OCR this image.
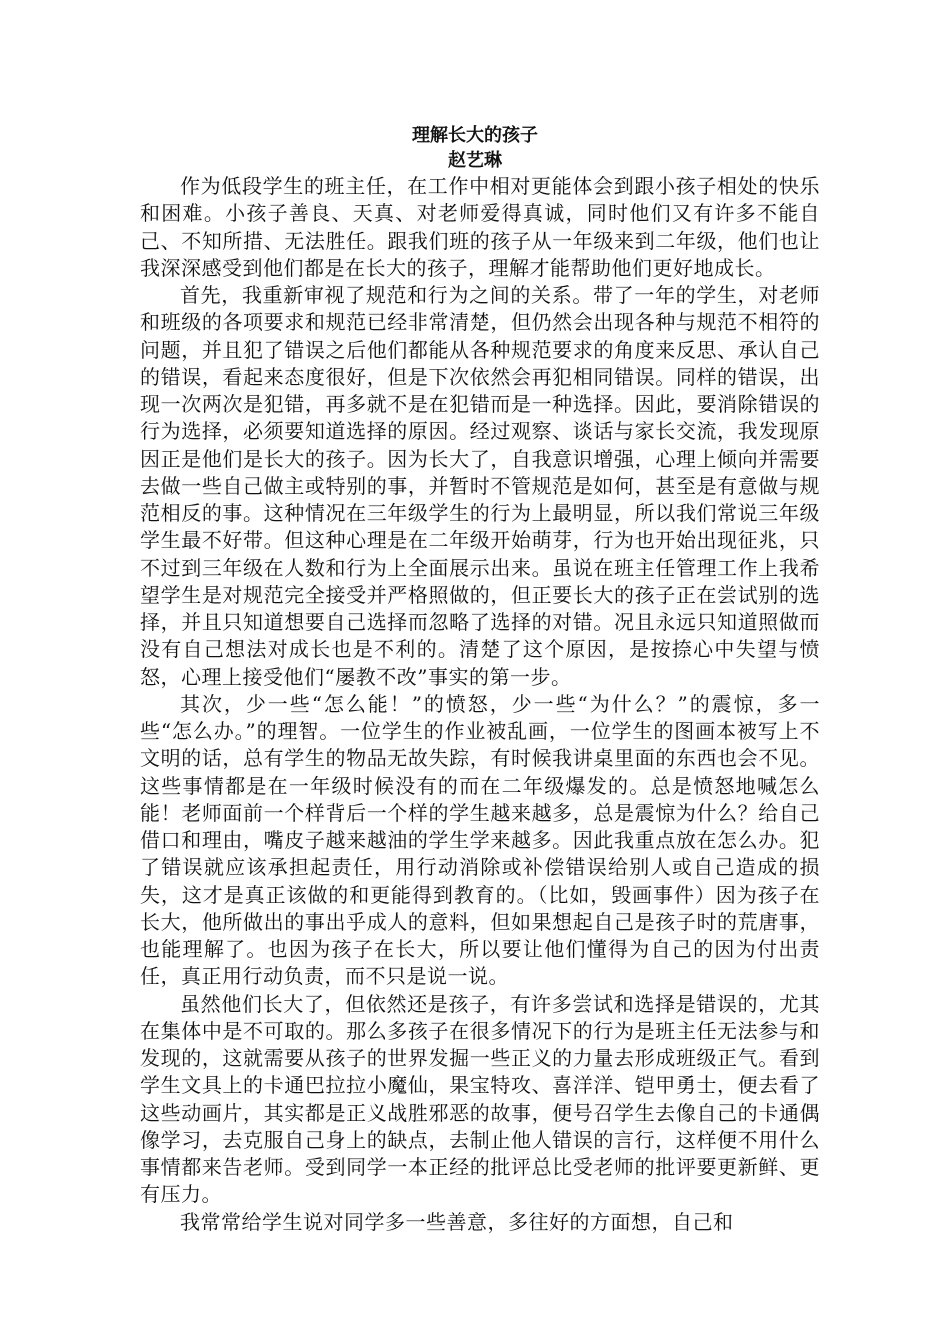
理解长大的孩子
赵艺琳

作为低段学生的班主任，在工作中相对更能体会到跟小孩子相处的快乐和困难。小孩子善良、天真、对老师爱得真诚，同时他们又有许多不能自己、不知所措、无法胜任。跟我们班的孩子从一年级来到二年级，他们也让我深深感受到他们都是在长大的孩子，理解才能帮助他们更好地成长。

首先，我重新审视了规范和行为之间的关系。带了一年的学生，对老师和班级的各项要求和规范已经非常清楚，但仍然会出现各种与规范不相符的问题，并且犯了错误之后他们都能从各种规范要求的角度来反思、承认自己的错误，看起来态度很好，但是下次依然会再犯相同错误。同样的错误，出现一次两次是犯错，再多就不是在犯错而是一种选择。因此，要消除错误的行为选择，必须要知道选择的原因。经过观察、谈话与家长交流，我发现原因正是他们是长大的孩子。因为长大了，自我意识增强，心理上倾向并需要去做一些自己做主或特别的事，并暂时不管规范是如何，甚至是有意做与规范相反的事。这种情况在三年级学生的行为上最明显，所以我们常说三年级学生最不好带。但这种心理是在二年级开始萌芽，行为也开始出现征兆，只不过到三年级在人数和行为上全面展示出来。虽说在班主任管理工作上我希望学生是对规范完全接受并严格照做的，但正要长大的孩子正在尝试别的选择，并且只知道想要自己选择而忽略了选择的对错。况且永远只知道照做而没有自己想法对成长也是不利的。清楚了这个原因，是按捺心中失望与愤怒，心理上接受他们“屡教不改”事实的第一步。

其次，少一些“怎么能！”的愤怒，少一些“为什么？”的震惊，多一些“怎么办。”的理智。一位学生的作业被乱画，一位学生的图画本被写上不文明的话，总有学生的物品无故失踪，有时候我讲桌里面的东西也会不见。这些事情都是在一年级时候没有的而在二年级爆发的。总是愤怒地喊怎么能！老师面前一个样背后一个样的学生越来越多，总是震惊为什么？给自己借口和理由，嘴皮子越来越油的学生学来越多。因此我重点放在怎么办。犯了错误就应该承担起责任，用行动消除或补偿错误给别人或自己造成的损失，这才是真正该做的和更能得到教育的。（比如，毁画事件）因为孩子在长大，他所做出的事出乎成人的意料，但如果想起自己是孩子时的荒唐事，也能理解了。也因为孩子在长大，所以要让他们懂得为自己的因为付出责任，真正用行动负责，而不只是说一说。

虽然他们长大了，但依然还是孩子，有许多尝试和选择是错误的，尤其在集体中是不可取的。那么多孩子在很多情况下的行为是班主任无法参与和发现的，这就需要从孩子的世界发掘一些正义的力量去形成班级正气。看到学生文具上的卡通巴拉拉小魔仙，果宝特攻、喜洋洋、铠甲勇士，便去看了这些动画片，其实都是正义战胜邪恶的故事，便号召学生去像自己的卡通偶像学习，去克服自己身上的缺点，去制止他人错误的言行，这样便不用什么事情都来告老师。受到同学一本正经的批评总比受老师的批评要更新鲜、更有压力。

我常常给学生说对同学多一些善意，多往好的方面想，自己和
